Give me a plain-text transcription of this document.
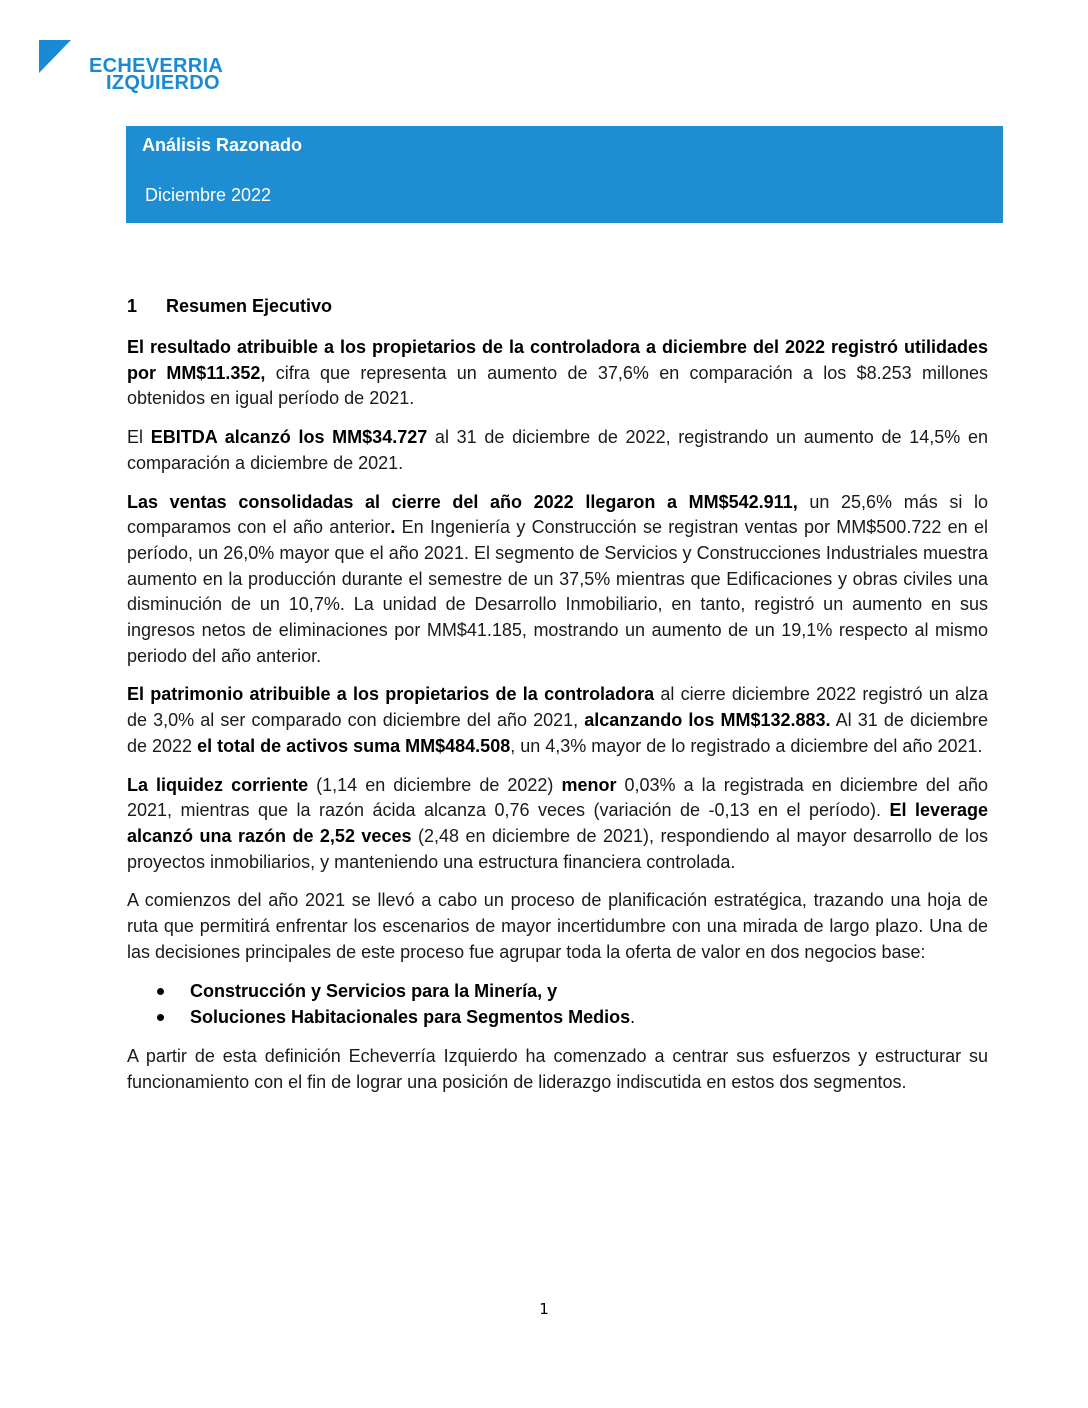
ECHEVERRIA
IZQUIERDO
Análisis Razonado
Diciembre 2022
1	Resumen Ejecutivo

El resultado atribuible a los propietarios de la controladora a diciembre del 2022 registró utilidades por MM$11.352, cifra que representa un aumento de 37,6% en comparación a los $8.253 millones obtenidos en igual período de 2021.

El EBITDA alcanzó los MM$34.727 al 31 de diciembre de 2022, registrando un aumento de 14,5% en comparación a diciembre de 2021.

Las ventas consolidadas al cierre del año 2022 llegaron a MM$542.911, un 25,6% más si lo comparamos con el año anterior. En Ingeniería y Construcción se registran ventas por MM$500.722 en el período, un 26,0% mayor que el año 2021. El segmento de Servicios y Construcciones Industriales muestra aumento en la producción durante el semestre de un 37,5% mientras que Edificaciones y obras civiles una disminución de un 10,7%. La unidad de Desarrollo Inmobiliario, en tanto, registró un aumento en sus ingresos netos de eliminaciones por MM$41.185, mostrando un aumento de un 19,1% respecto al mismo periodo del año anterior.

El patrimonio atribuible a los propietarios de la controladora al cierre diciembre 2022 registró un alza de 3,0% al ser comparado con diciembre del año 2021, alcanzando los MM$132.883. Al 31 de diciembre de 2022 el total de activos suma MM$484.508, un 4,3% mayor de lo registrado a diciembre del año 2021.

La liquidez corriente (1,14 en diciembre de 2022) menor 0,03% a la registrada en diciembre del año 2021, mientras que la razón ácida alcanza 0,76 veces (variación de -0,13 en el período). El leverage alcanzó una razón de 2,52 veces (2,48 en diciembre de 2021), respondiendo al mayor desarrollo de los proyectos inmobiliarios, y manteniendo una estructura financiera controlada.

A comienzos del año 2021 se llevó a cabo un proceso de planificación estratégica, trazando una hoja de ruta que permitirá enfrentar los escenarios de mayor incertidumbre con una mirada de largo plazo. Una de las decisiones principales de este proceso fue agrupar toda la oferta de valor en dos negocios base:

Construcción y Servicios para la Minería, y
Soluciones Habitacionales para Segmentos Medios.

A partir de esta definición Echeverría Izquierdo ha comenzado a centrar sus esfuerzos y estructurar su funcionamiento con el fin de lograr una posición de liderazgo indiscutida en estos dos segmentos.

1
